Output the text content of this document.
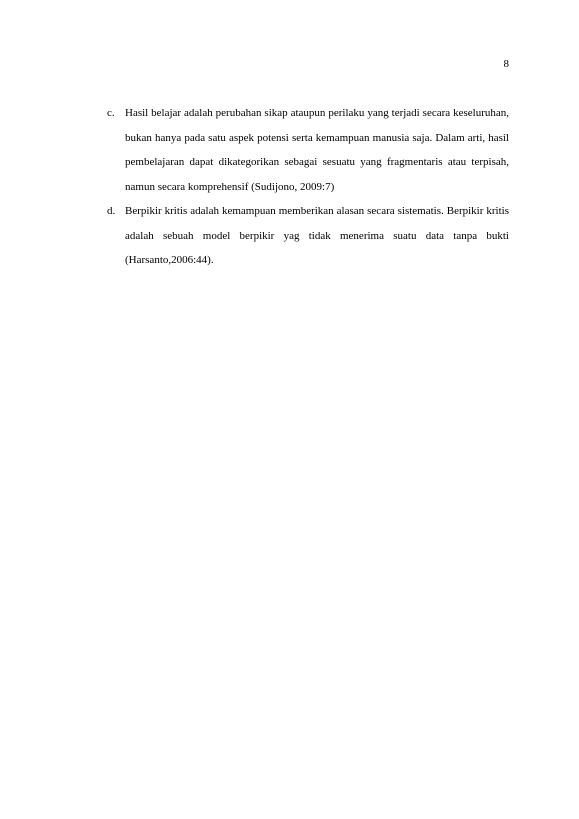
8
c. Hasil belajar adalah perubahan sikap ataupun perilaku yang terjadi secara keseluruhan, bukan hanya pada satu aspek potensi serta kemampuan manusia saja. Dalam arti, hasil pembelajaran dapat dikategorikan sebagai sesuatu yang fragmentaris atau terpisah, namun secara komprehensif (Sudijono, 2009:7)
d. Berpikir kritis adalah kemampuan memberikan alasan secara sistematis. Berpikir kritis adalah sebuah model berpikir yag tidak menerima suatu data tanpa bukti (Harsanto,2006:44).
